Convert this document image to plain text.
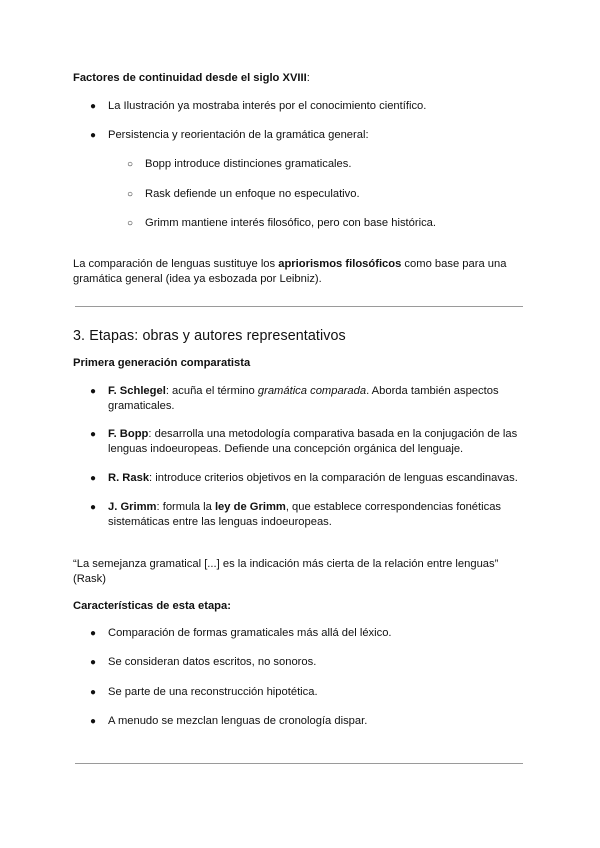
Factores de continuidad desde el siglo XVIII:
●	La Ilustración ya mostraba interés por el conocimiento científico.
●	Persistencia y reorientación de la gramática general:
○	Bopp introduce distinciones gramaticales.
○	Rask defiende un enfoque no especulativo.
○	Grimm mantiene interés filosófico, pero con base histórica.
La comparación de lenguas sustituye los apriorismos filosóficos como base para una
gramática general (idea ya esbozada por Leibniz).
3. Etapas: obras y autores representativos
Primera generación comparatista
●	F. Schlegel: acuña el término gramática comparada. Aborda también aspectos
gramaticales.
●	F. Bopp: desarrolla una metodología comparativa basada en la conjugación de las
lenguas indoeuropeas. Defiende una concepción orgánica del lenguaje.
●	R. Rask: introduce criterios objetivos en la comparación de lenguas escandinavas.
●	J. Grimm: formula la ley de Grimm, que establece correspondencias fonéticas
sistemáticas entre las lenguas indoeuropeas.
“La semejanza gramatical [...] es la indicación más cierta de la relación entre lenguas”
(Rask)
Características de esta etapa:
●	Comparación de formas gramaticales más allá del léxico.
●	Se consideran datos escritos, no sonoros.
●	Se parte de una reconstrucción hipotética.
●	A menudo se mezclan lenguas de cronología dispar.
